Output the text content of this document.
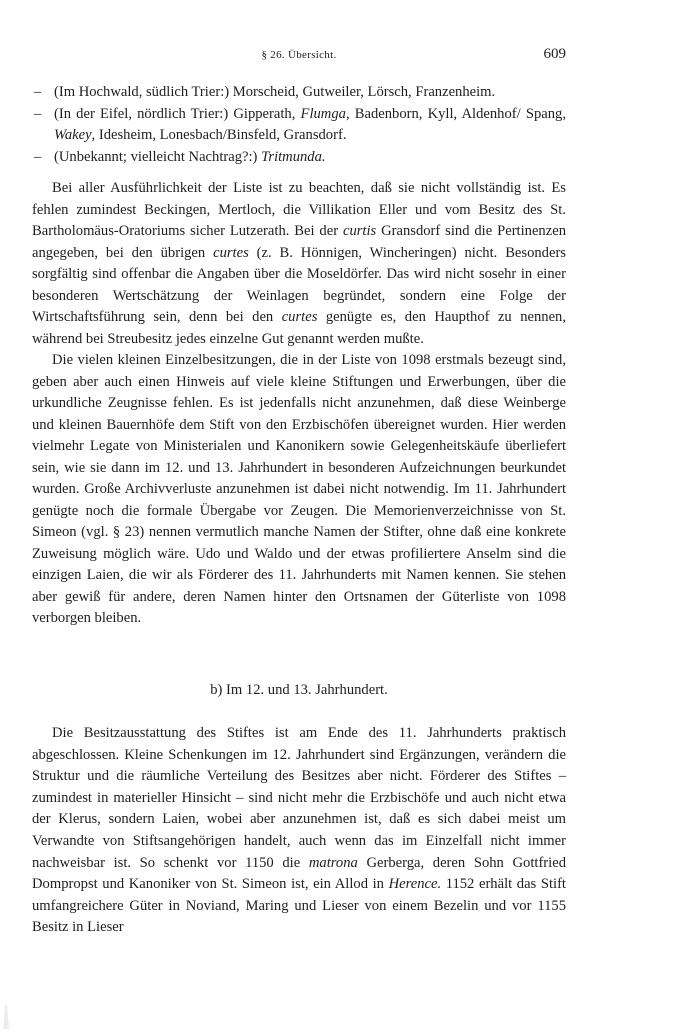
§ 26. Übersicht.	609
– (Im Hochwald, südlich Trier:) Morscheid, Gutweiler, Lörsch, Franzenheim.
– (In der Eifel, nördlich Trier:) Gipperath, Flumga, Badenborn, Kyll, Aldenhof/ Spang, Wakey, Idesheim, Lonesbach/Binsfeld, Gransdorf.
– (Unbekannt; vielleicht Nachtrag?:) Tritmunda.

Bei aller Ausführlichkeit der Liste ist zu beachten, daß sie nicht vollständig ist. Es fehlen zumindest Beckingen, Mertloch, die Villikation Eller und vom Besitz des St. Bartholomäus-Oratoriums sicher Lutzerath. Bei der curtis Gransdorf sind die Pertinenzen angegeben, bei den übrigen curtes (z. B. Hönnigen, Wincheringen) nicht. Besonders sorgfältig sind offenbar die Angaben über die Moseldörfer. Das wird nicht sosehr in einer besonderen Wertschätzung der Weinlagen begründet, sondern eine Folge der Wirtschaftsführung sein, denn bei den curtes genügte es, den Haupthof zu nennen, während bei Streubesitz jedes einzelne Gut genannt werden mußte.

Die vielen kleinen Einzelbesitzungen, die in der Liste von 1098 erstmals bezeugt sind, geben aber auch einen Hinweis auf viele kleine Stiftungen und Erwerbungen, über die urkundliche Zeugnisse fehlen. Es ist jedenfalls nicht anzunehmen, daß diese Weinberge und kleinen Bauernhöfe dem Stift von den Erzbischöfen übereignet wurden. Hier werden vielmehr Legate von Ministerialen und Kanonikern sowie Gelegenheitskäufe überliefert sein, wie sie dann im 12. und 13. Jahrhundert in besonderen Aufzeichnungen beurkundet wurden. Große Archivverluste anzunehmen ist dabei nicht notwendig. Im 11. Jahrhundert genügte noch die formale Übergabe vor Zeugen. Die Memorienverzeichnisse von St. Simeon (vgl. § 23) nennen vermutlich manche Namen der Stifter, ohne daß eine konkrete Zuweisung möglich wäre. Udo und Waldo und der etwas profiliertere Anselm sind die einzigen Laien, die wir als Förderer des 11. Jahrhunderts mit Namen kennen. Sie stehen aber gewiß für andere, deren Namen hinter den Ortsnamen der Güterliste von 1098 verborgen bleiben.

b) Im 12. und 13. Jahrhundert.

Die Besitzausstattung des Stiftes ist am Ende des 11. Jahrhunderts praktisch abgeschlossen. Kleine Schenkungen im 12. Jahrhundert sind Ergänzungen, verändern die Struktur und die räumliche Verteilung des Besitzes aber nicht. Förderer des Stiftes – zumindest in materieller Hinsicht – sind nicht mehr die Erzbischöfe und auch nicht etwa der Klerus, sondern Laien, wobei aber anzunehmen ist, daß es sich dabei meist um Verwandte von Stiftsangehörigen handelt, auch wenn das im Einzelfall nicht immer nachweisbar ist. So schenkt vor 1150 die matrona Gerberga, deren Sohn Gottfried Dompropst und Kanoniker von St. Simeon ist, ein Allod in Herence. 1152 erhält das Stift umfangreichere Güter in Noviand, Maring und Lieser von einem Bezelin und vor 1155 Besitz in Lieser
